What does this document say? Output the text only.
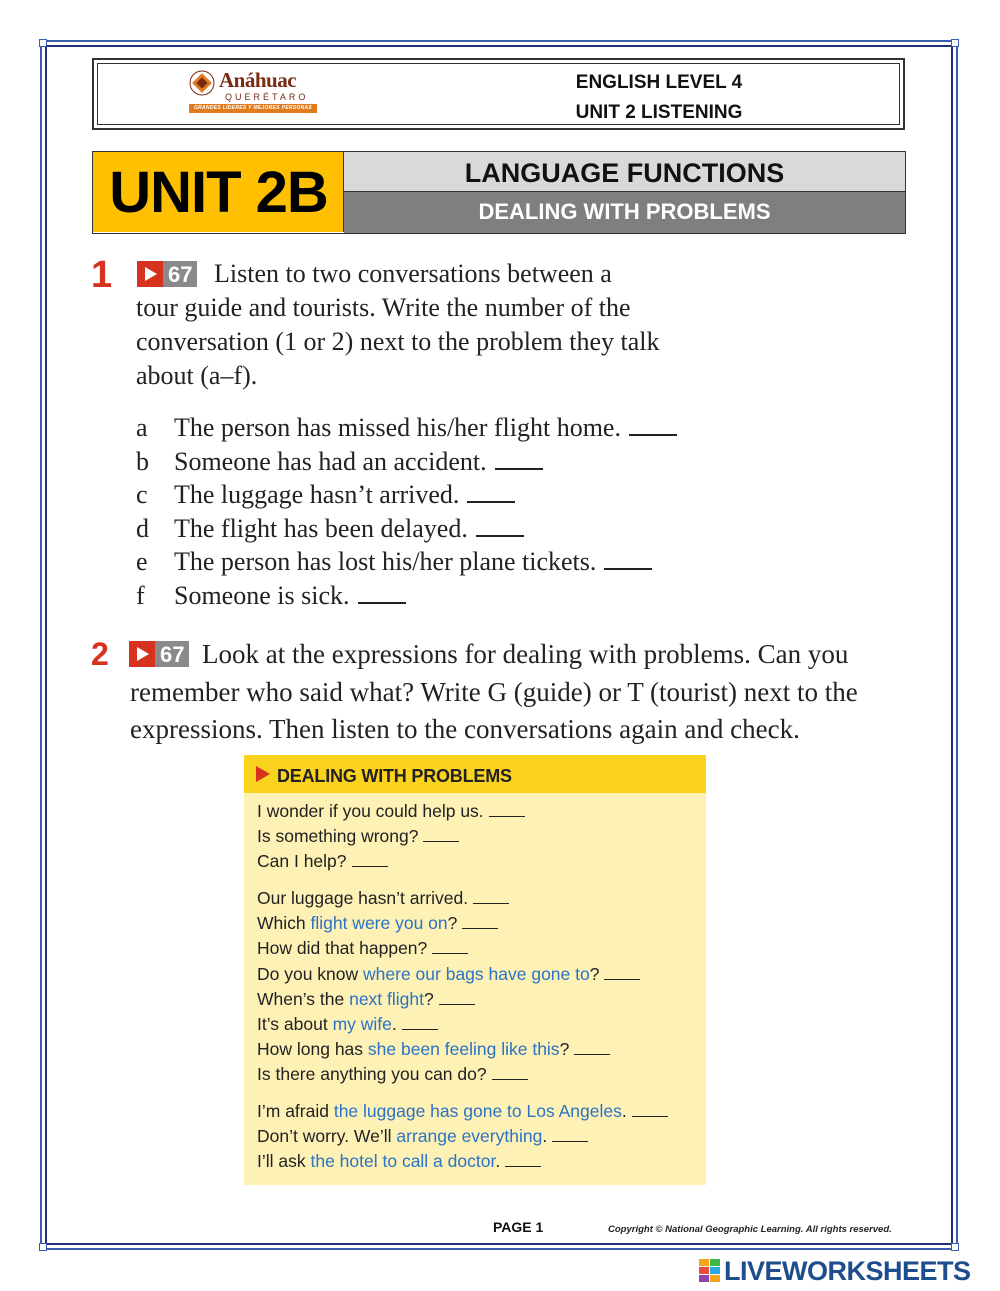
Anáhuac
QUERÉTARO
GRANDES LÍDERES Y MEJORES PERSONAS
ENGLISH LEVEL 4
UNIT 2 LISTENING
UNIT 2B	LANGUAGE FUNCTIONS
DEALING WITH PROBLEMS
1	67 Listen to two conversations between a
tour guide and tourists. Write the number of the
conversation (1 or 2) next to the problem they talk
about (a–f).
a The person has missed his/her flight home.
b Someone has had an accident.
c The luggage hasn’t arrived.
d The flight has been delayed.
e The person has lost his/her plane tickets.
f Someone is sick.
2 67 Look at the expressions for dealing with problems. Can you
remember who said what? Write G (guide) or T (tourist) next to the
expressions. Then listen to the conversations again and check.
DEALING WITH PROBLEMS
I wonder if you could help us.
Is something wrong?
Can I help?
Our luggage hasn’t arrived.
Which flight were you on?
How did that happen?
Do you know where our bags have gone to?
When’s the next flight?
It’s about my wife.
How long has she been feeling like this?
Is there anything you can do?
I’m afraid the luggage has gone to Los Angeles.
Don’t worry. We’ll arrange everything.
I’ll ask the hotel to call a doctor.
PAGE 1	Copyright © National Geographic Learning. All rights reserved.
LIVEWORKSHEETS
